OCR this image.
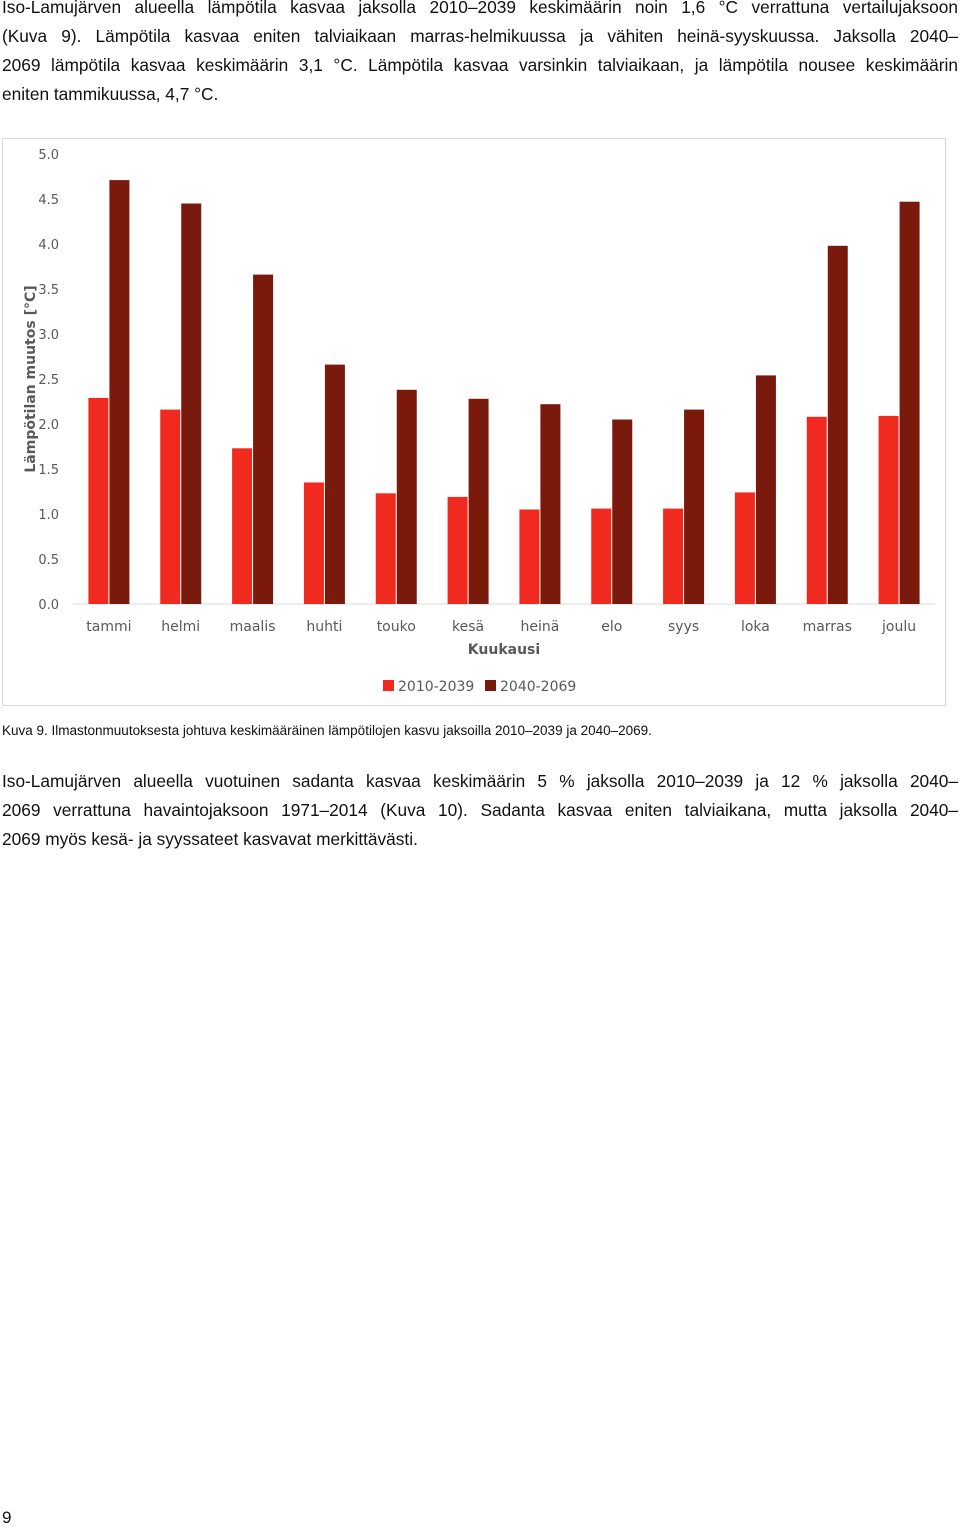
Iso-Lamujärven alueella lämpötila kasvaa jaksolla 2010–2039 keskimäärin noin 1,6 °C verrattuna vertailujaksoon
(Kuva 9). Lämpötila kasvaa eniten talviaikaan marras-helmikuussa ja vähiten heinä-syyskuussa. Jaksolla 2040–
2069 lämpötila kasvaa keskimäärin 3,1 °C. Lämpötila kasvaa varsinkin talviaikaan, ja lämpötila nousee keskimäärin
eniten tammikuussa, 4,7 °C.

0.0
0.5
1.0
1.5
2.0
2.5
3.0
3.5
4.0
4.5
5.0
tammi helmi maalis huhti touko	kesä	heinä	elo	syys	loka marras joulu
Kuukausi
Lämpötilan muutos [°C]
2010-2039 2040-2069

Kuva 9. Ilmastonmuutoksesta johtuva keskimääräinen lämpötilojen kasvu jaksoilla 2010–2039 ja 2040–2069.

Iso-Lamujärven alueella vuotuinen sadanta kasvaa keskimäärin 5 % jaksolla 2010–2039 ja 12 % jaksolla 2040–
2069 verrattuna havaintojaksoon 1971–2014 (Kuva 10). Sadanta kasvaa eniten talviaikana, mutta jaksolla 2040–
2069 myös kesä- ja syyssateet kasvavat merkittävästi.

9
